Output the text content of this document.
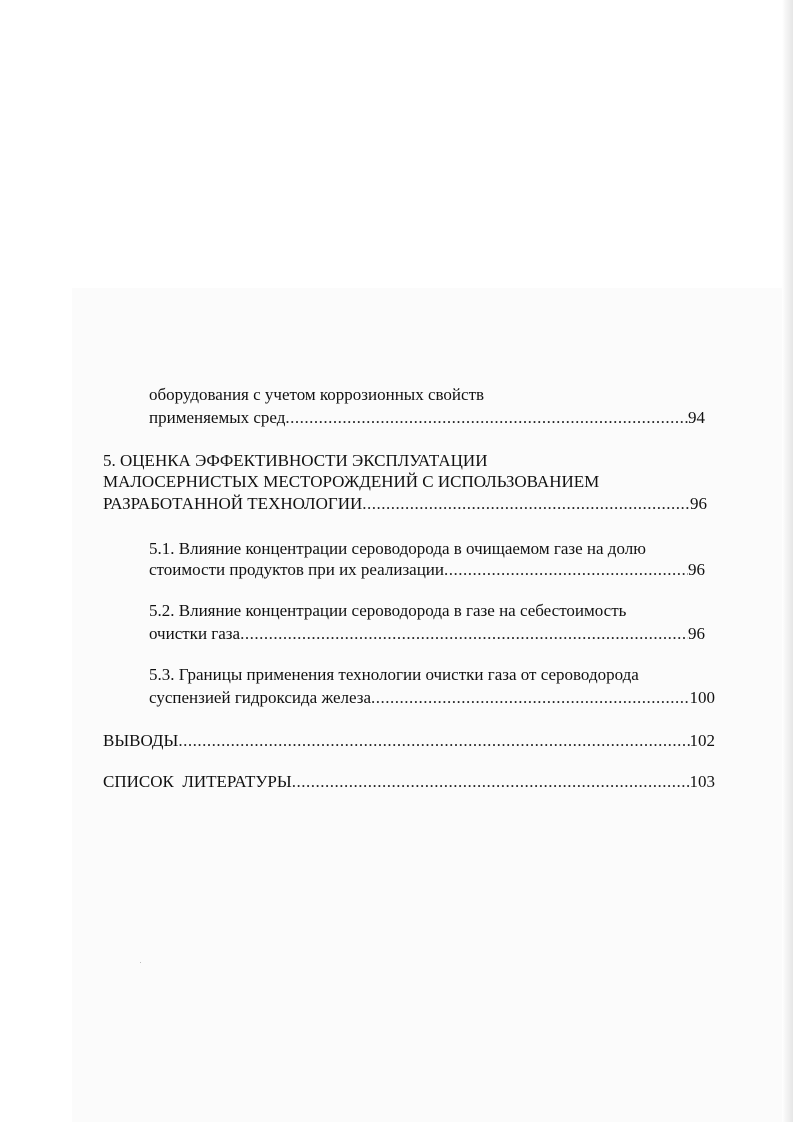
оборудования с учетом коррозионных свойств
применяемых сред .....	94
5. ОЦЕНКА ЭФФЕКТИВНОСТИ ЭКСПЛУАТАЦИИ
МАЛОСЕРНИСТЫХ МЕСТОРОЖДЕНИЙ С ИСПОЛЬЗОВАНИЕМ
РАЗРАБОТАННОЙ ТЕХНОЛОГИИ .....	96
5.1. Влияние концентрации сероводорода в очищаемом газе на долю
стоимости продуктов при их реализации .....	96
5.2. Влияние концентрации сероводорода в газе на себестоимость
очистки газа .....	96
5.3. Границы применения технологии очистки газа от сероводорода
суспензией гидроксида железа .....	100
ВЫВОДЫ .....	102
СПИСОК  ЛИТЕРАТУРЫ .....	103
